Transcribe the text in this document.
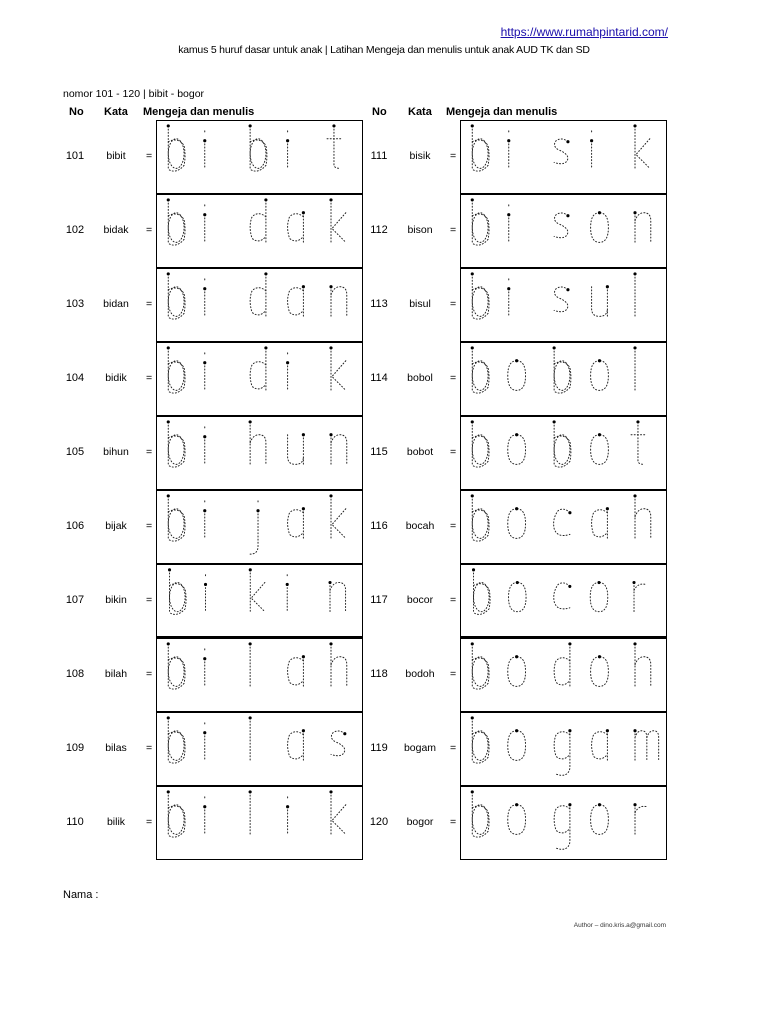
https://www.rumahpintarid.com/
kamus 5 huruf dasar untuk anak | Latihan Mengeja dan menulis untuk anak AUD TK dan SD
nomor 101 - 120 | bibit - bogor
No Kata Mengeja dan menulis	No Kata Mengeja dan menulis
101	bibit	=
102	bidak	=
103	bidan	=
104	bidik	=
105	bihun	=
106	bijak	=
107	bikin	=
108	bilah	=
109	bilas	=
110	bilik	=
111	bisik	=
112	bison	=
113	bisul	=
114	bobol	=
115	bobot	=
116	bocah	=
117	bocor	=
118	bodoh	=
119	bogam	=
120	bogor	=
Nama :
Author – dino.kris.a@gmail.com
